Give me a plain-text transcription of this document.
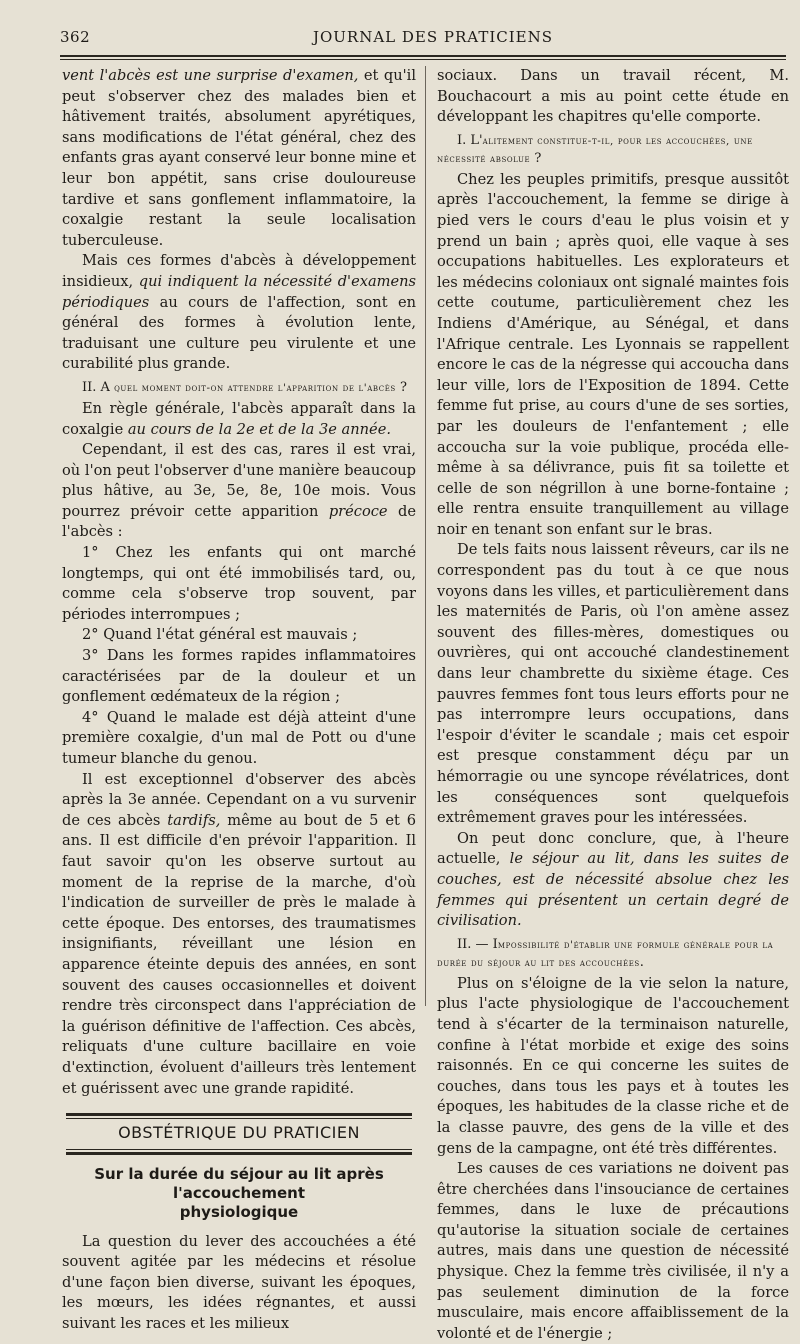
362	JOURNAL DES PRATICIENS

vent l'abcès est une surprise d'examen, et qu'il peut s'observer chez des malades bien et hâtivement traités, absolument apyrétiques, sans modifications de l'état général, chez des enfants gras ayant conservé leur bonne mine et leur bon appétit, sans crise douloureuse tardive et sans gonflement inflammatoire, la coxalgie restant la seule localisation tuberculeuse.

Mais ces formes d'abcès à développement insidieux, qui indiquent la nécessité d'examens périodiques au cours de l'affection, sont en général des formes à évolution lente, traduisant une culture peu virulente et une curabilité plus grande.

II. A quel moment doit-on attendre l'apparition de l'abcès ?

En règle générale, l'abcès apparaît dans la coxalgie au cours de la 2e et de la 3e année.

Cependant, il est des cas, rares il est vrai, où l'on peut l'observer d'une manière beaucoup plus hâtive, au 3e, 5e, 8e, 10e mois. Vous pourrez prévoir cette apparition précoce de l'abcès :

1° Chez les enfants qui ont marché longtemps, qui ont été immobilisés tard, ou, comme cela s'observe trop souvent, par périodes interrompues ;

2° Quand l'état général est mauvais ;

3° Dans les formes rapides inflammatoires caractérisées par de la douleur et un gonflement œdémateux de la région ;

4° Quand le malade est déjà atteint d'une première coxalgie, d'un mal de Pott ou d'une tumeur blanche du genou.

Il est exceptionnel d'observer des abcès après la 3e année. Cependant on a vu survenir de ces abcès tardifs, même au bout de 5 et 6 ans. Il est difficile d'en prévoir l'apparition. Il faut savoir qu'on les observe surtout au moment de la reprise de la marche, d'où l'indication de surveiller de près le malade à cette époque. Des entorses, des traumatismes insignifiants, réveillant une lésion en apparence éteinte depuis des années, en sont souvent des causes occasionnelles et doivent rendre très circonspect dans l'appréciation de la guérison définitive de l'affection. Ces abcès, reliquats d'une culture bacillaire en voie d'extinction, évoluent d'ailleurs très lentement et guérissent avec une grande rapidité.

OBSTÉTRIQUE DU PRATICIEN
Sur la durée du séjour au lit après l'accouchement
physiologique

La question du lever des accouchées a été souvent agitée par les médecins et résolue d'une façon bien diverse, suivant les époques, les mœurs, les idées régnantes, et aussi suivant les races et les milieux

sociaux. Dans un travail récent, M. Bouchacourt a mis au point cette étude en développant les chapitres qu'elle comporte.

I. L'alitement constitue-t-il, pour les accouchées, une nécessité absolue ?

Chez les peuples primitifs, presque aussitôt après l'accouchement, la femme se dirige à pied vers le cours d'eau le plus voisin et y prend un bain ; après quoi, elle vaque à ses occupations habituelles. Les explorateurs et les médecins coloniaux ont signalé maintes fois cette coutume, particulièrement chez les Indiens d'Amérique, au Sénégal, et dans l'Afrique centrale. Les Lyonnais se rappellent encore le cas de la négresse qui accoucha dans leur ville, lors de l'Exposition de 1894. Cette femme fut prise, au cours d'une de ses sorties, par les douleurs de l'enfantement ; elle accoucha sur la voie publique, procéda elle-même à sa délivrance, puis fit sa toilette et celle de son négrillon à une borne-fontaine ; elle rentra ensuite tranquillement au village noir en tenant son enfant sur le bras.

De tels faits nous laissent rêveurs, car ils ne correspondent pas du tout à ce que nous voyons dans les villes, et particulièrement dans les maternités de Paris, où l'on amène assez souvent des filles-mères, domestiques ou ouvrières, qui ont accouché clandestinement dans leur chambrette du sixième étage. Ces pauvres femmes font tous leurs efforts pour ne pas interrompre leurs occupations, dans l'espoir d'éviter le scandale ; mais cet espoir est presque constamment déçu par un hémorragie ou une syncope révélatrices, dont les conséquences sont quelquefois extrêmement graves pour les intéressées.

On peut donc conclure, que, à l'heure actuelle, le séjour au lit, dans les suites de couches, est de nécessité absolue chez les femmes qui présentent un certain degré de civilisation.

II. — Impossibilité d'établir une formule générale pour la durée du séjour au lit des accouchées.

Plus on s'éloigne de la vie selon la nature, plus l'acte physiologique de l'accouchement tend à s'écarter de la terminaison naturelle, confine à l'état morbide et exige des soins raisonnés. En ce qui concerne les suites de couches, dans tous les pays et à toutes les époques, les habitudes de la classe riche et de la classe pauvre, des gens de la ville et des gens de la campagne, ont été très différentes.

Les causes de ces variations ne doivent pas être cherchées dans l'insouciance de certaines femmes, dans le luxe de précautions qu'autorise la situation sociale de certaines autres, mais dans une question de nécessité physique. Chez la femme très civilisée, il n'y a pas seulement diminution de la force musculaire, mais encore affaiblissement de la volonté et de l'énergie ;
